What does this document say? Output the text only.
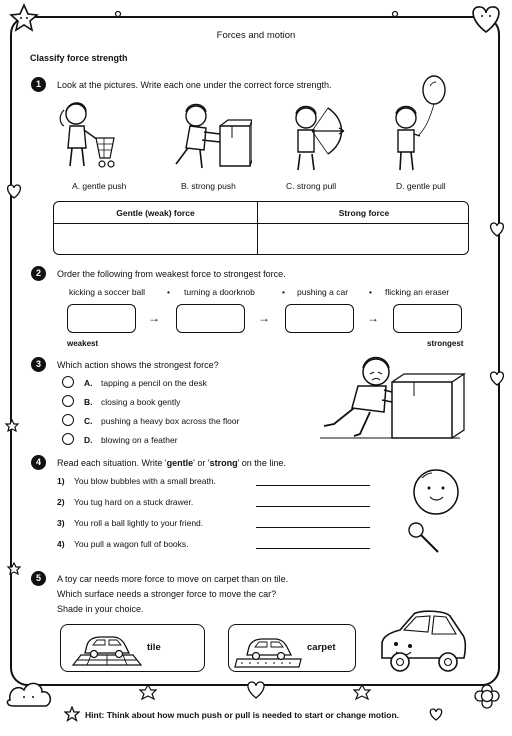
Forces and motion
Classify force strength
1	Look at the pictures. Write each one under the correct force strength.
A. gentle push	B. strong push	C. strong pull	D. gentle pull
Gentle (weak) force	Strong force
2	Order the following from weakest force to strongest force.
kicking a soccer ball	• turning a doorknob	• pushing a car • flicking an eraser
→	→	→
weakest	strongest
3	Which action shows the strongest force?
A. tapping a pencil on the desk
B. closing a book gently
C. pushing a heavy box across the floor
D. blowing on a feather
4	Read each situation. Write 'gentle' or 'strong' on the line.
1) You blow bubbles with a small breath.
2) You tug hard on a stuck drawer.
3) You roll a ball lightly to your friend.
4) You pull a wagon full of books.
5	A toy car needs more force to move on carpet than on tile.
Which surface needs a stronger force to move the car?
Shade in your choice.
tile	carpet
Hint: Think about how much push or pull is needed to start or change motion.
